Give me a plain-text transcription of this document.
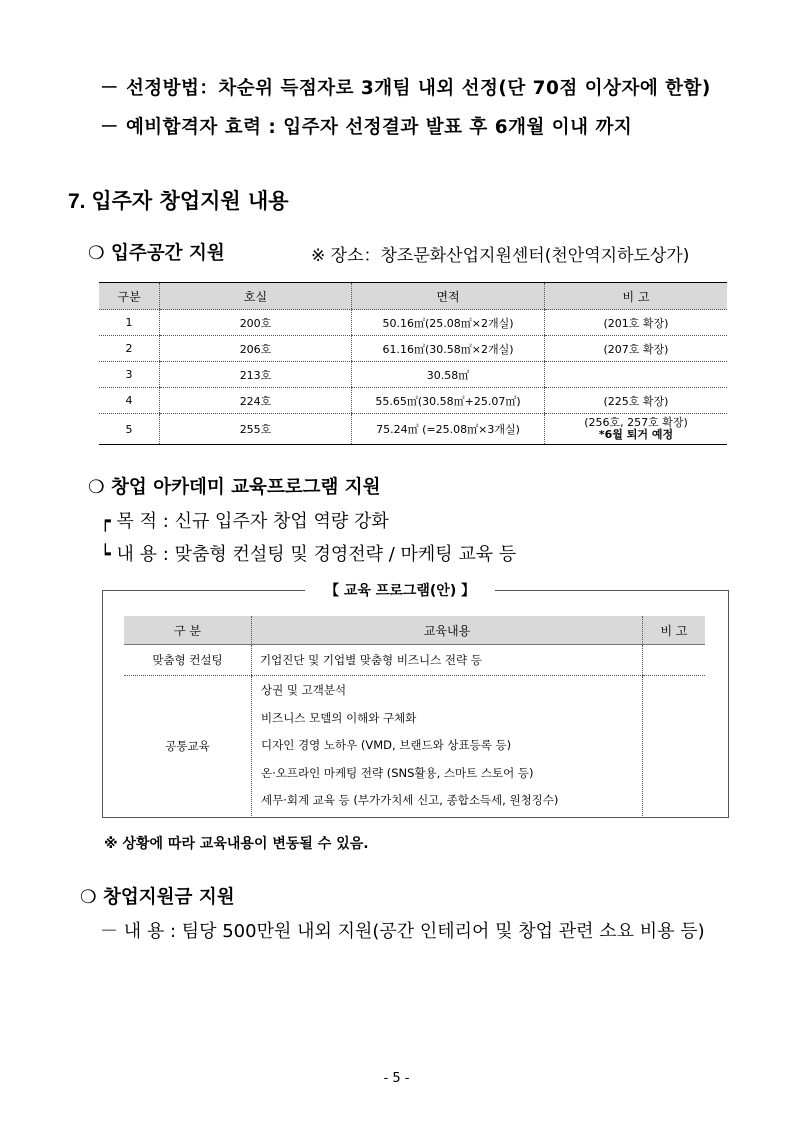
－ 선정방법：차순위 득점자로 3개팀 내외 선정(단 70점 이상자에 한함)
－ 예비합격자 효력 : 입주자 선정결과 발표 후 6개월 이내 까지
7. 입주자 창업지원 내용
❍ 입주공간 지원	※ 장소：창조문화산업지원센터(천안역지하도상가)
구분	호실	면적	비 고
1	200호	50.16㎡(25.08㎡×2개실)	(201호 확장)
2	206호	61.16㎡(30.58㎡×2개실)	(207호 확장)
3	213호	30.58㎡	
4	224호	55.65㎡(30.58㎡+25.07㎡)	(225호 확장)
5	255호	75.24㎡ (=25.08㎡×3개실)	(256호, 257호 확장)
*6월 퇴거 예정
❍ 창업 아카데미 교육프로그램 지원
┍ 목 적 : 신규 입주자 창업 역량 강화
┕ 내 용 : 맞춤형 컨설팅 및 경영전략 / 마케팅 교육 등
【 교육 프로그램(안) 】
구 분	교육내용	비 고
맞춤형 컨설팅	기업진단 및 기업별 맞춤형 비즈니스 전략 등	
공통교육	상권 및 고객분석
비즈니스 모델의 이해와 구체화
디자인 경영 노하우 (VMD, 브랜드와 상표등록 등)
온·오프라인 마케팅 전략 (SNS활용, 스마트 스토어 등)
세무·회계 교육 등 (부가가치세 신고, 종합소득세, 원청징수)	

※ 상황에 따라 교육내용이 변동될 수 있음.
❍ 창업지원금 지원
－ 내 용 : 팀당 500만원 내외 지원(공간 인테리어 및 창업 관련 소요 비용 등)
- 5 -
